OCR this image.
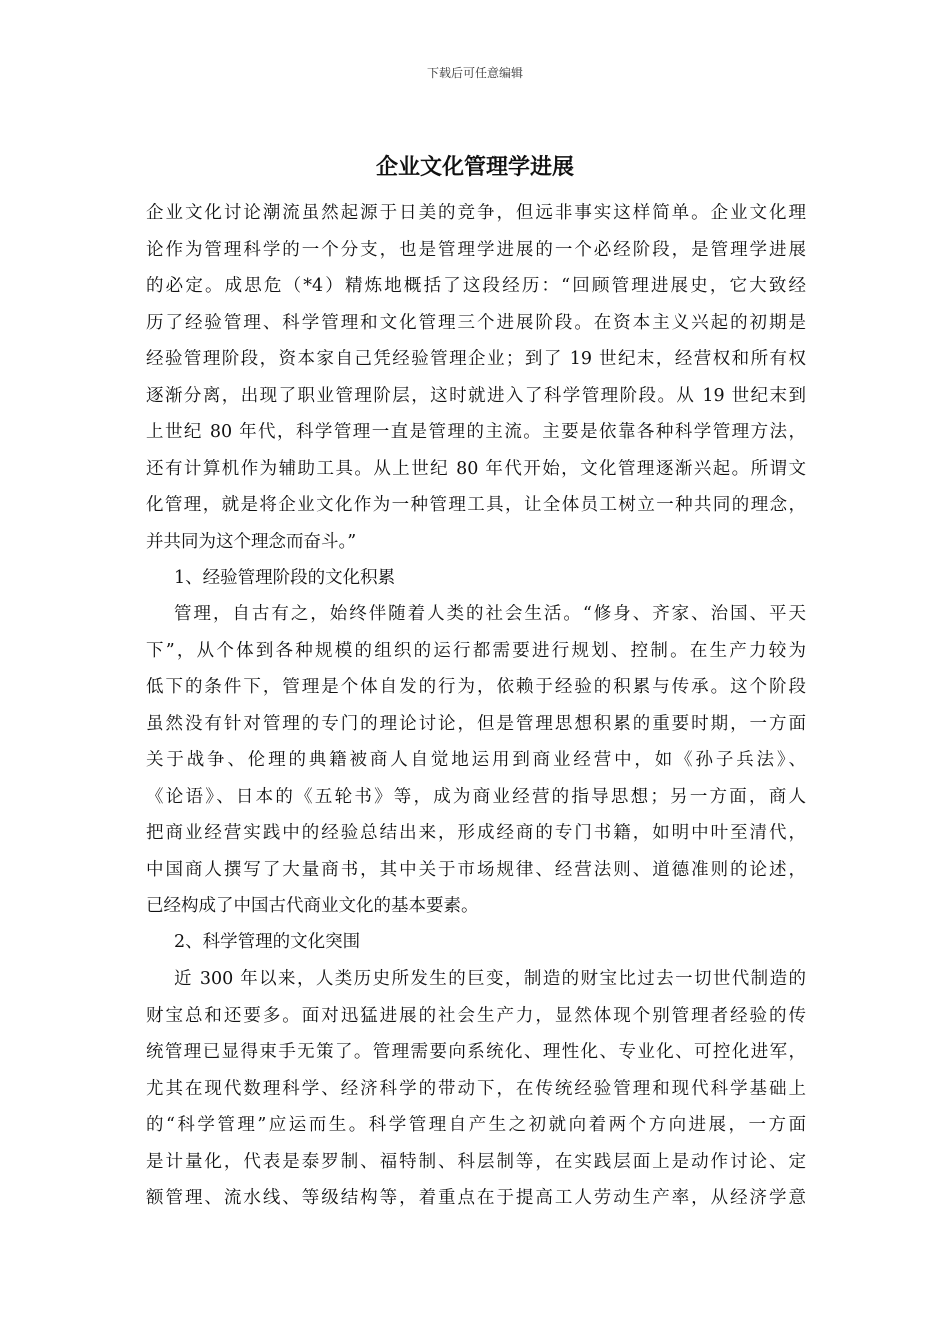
下载后可任意编辑
企业文化管理学进展
企业文化讨论潮流虽然起源于日美的竞争，但远非事实这样简单。企业文化理
论作为管理科学的一个分支，也是管理学进展的一个必经阶段，是管理学进展
的必定。成思危（*4）精炼地概括了这段经历：“回顾管理进展史，它大致经
历了经验管理、科学管理和文化管理三个进展阶段。在资本主义兴起的初期是
经验管理阶段，资本家自己凭经验管理企业；到了 19 世纪末，经营权和所有权
逐渐分离，出现了职业管理阶层，这时就进入了科学管理阶段。从 19 世纪末到
上世纪 80 年代，科学管理一直是管理的主流。主要是依靠各种科学管理方法，
还有计算机作为辅助工具。从上世纪 80 年代开始，文化管理逐渐兴起。所谓文
化管理，就是将企业文化作为一种管理工具，让全体员工树立一种共同的理念，
并共同为这个理念而奋斗。”
1、经验管理阶段的文化积累
管理，自古有之，始终伴随着人类的社会生活。“修身、齐家、治国、平天
下”，从个体到各种规模的组织的运行都需要进行规划、控制。在生产力较为
低下的条件下，管理是个体自发的行为，依赖于经验的积累与传承。这个阶段
虽然没有针对管理的专门的理论讨论，但是管理思想积累的重要时期，一方面
关于战争、伦理的典籍被商人自觉地运用到商业经营中，如《孙子兵法》、
《论语》、日本的《五轮书》等，成为商业经营的指导思想；另一方面，商人
把商业经营实践中的经验总结出来，形成经商的专门书籍，如明中叶至清代，
中国商人撰写了大量商书，其中关于市场规律、经营法则、道德准则的论述，
已经构成了中国古代商业文化的基本要素。
2、科学管理的文化突围
近 300 年以来，人类历史所发生的巨变，制造的财宝比过去一切世代制造的
财宝总和还要多。面对迅猛进展的社会生产力，显然体现个别管理者经验的传
统管理已显得束手无策了。管理需要向系统化、理性化、专业化、可控化进军，
尤其在现代数理科学、经济科学的带动下，在传统经验管理和现代科学基础上
的“科学管理”应运而生。科学管理自产生之初就向着两个方向进展，一方面
是计量化，代表是泰罗制、福特制、科层制等，在实践层面上是动作讨论、定
额管理、流水线、等级结构等，着重点在于提高工人劳动生产率，从经济学意
